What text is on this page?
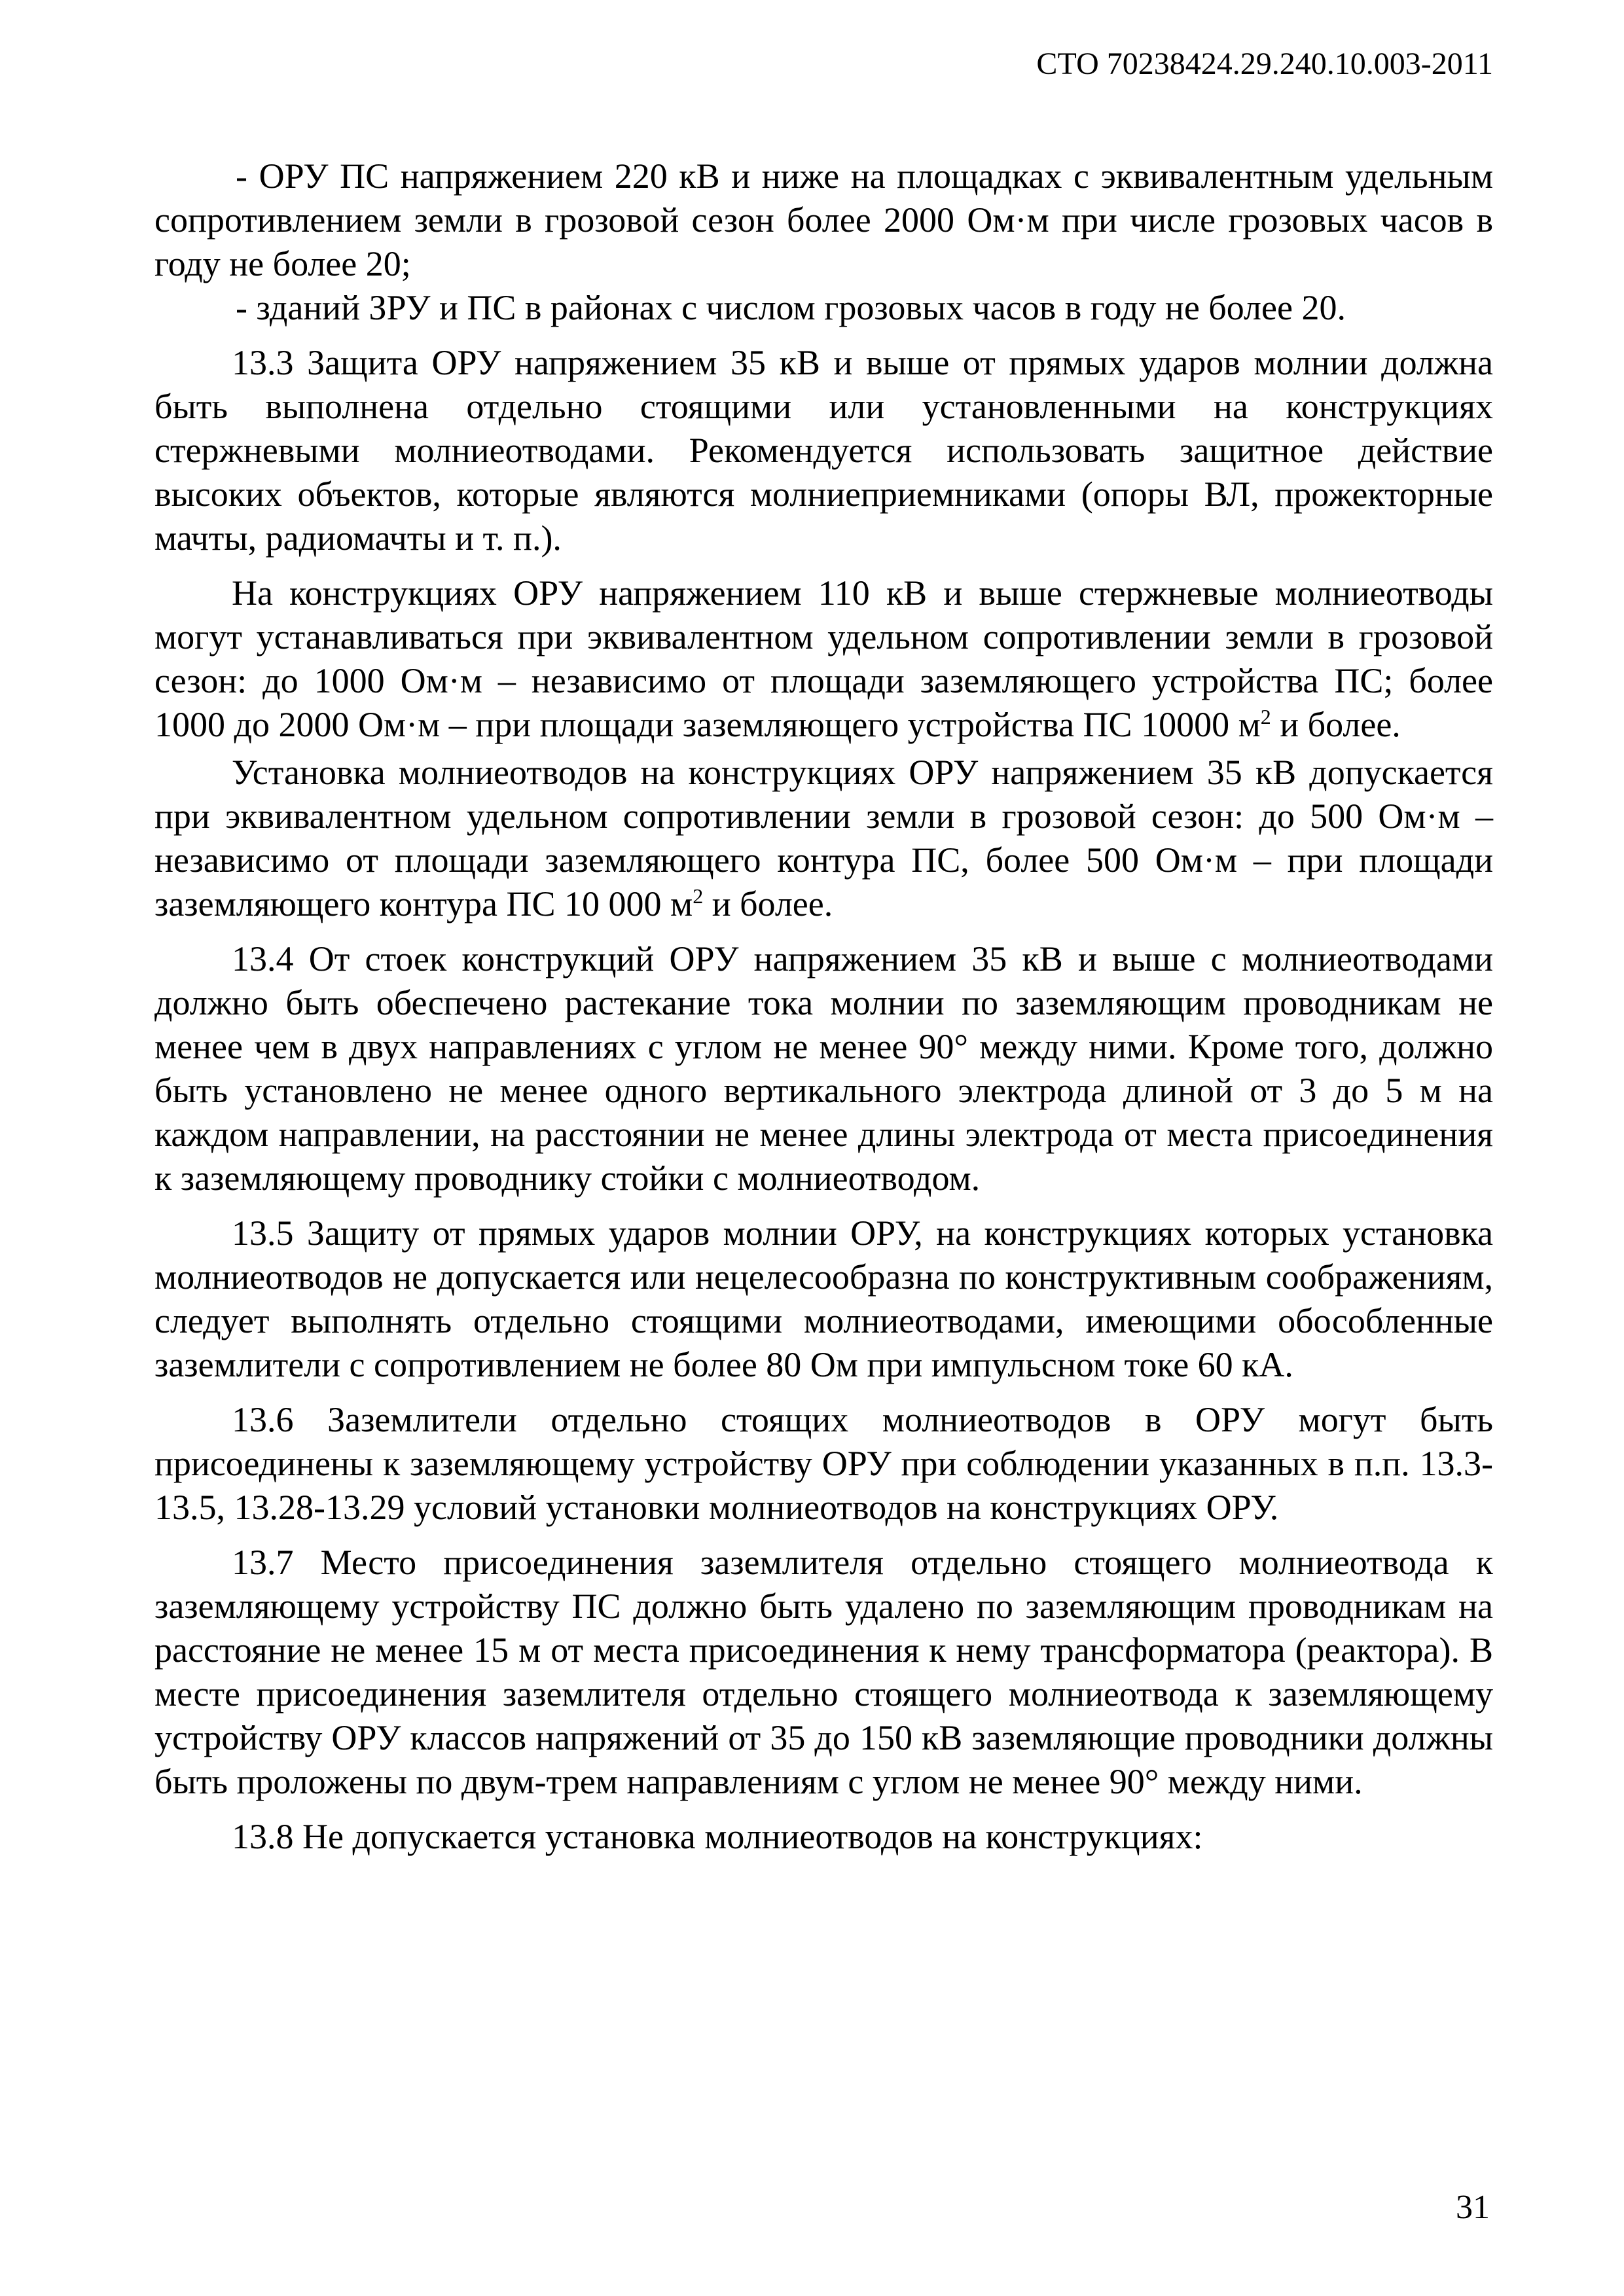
СТО 70238424.29.240.10.003-2011

- ОРУ ПС напряжением 220 кВ и ниже на площадках с эквивалентным удельным сопротивлением земли в грозовой сезон более 2000 Ом·м при числе грозовых часов в году не более 20;

- зданий ЗРУ и ПС в районах с числом грозовых часов в году не более 20.

13.3 Защита ОРУ напряжением 35 кВ и выше от прямых ударов молнии должна быть выполнена отдельно стоящими или установленными на конструкциях стержневыми молниеотводами. Рекомендуется использовать защитное действие высоких объектов, которые являются молниеприемниками (опоры ВЛ, прожекторные мачты, радиомачты и т. п.).

На конструкциях ОРУ напряжением 110 кВ и выше стержневые молниеотводы могут устанавливаться при эквивалентном удельном сопротивлении земли в грозовой сезон: до 1000 Ом·м – независимо от площади заземляющего устройства ПС; более 1000 до 2000 Ом·м – при площади заземляющего устройства ПС 10000 $м^2$ и более.

Установка молниеотводов на конструкциях ОРУ напряжением 35 кВ допускается при эквивалентном удельном сопротивлении земли в грозовой сезон: до 500 Ом·м – независимо от площади заземляющего контура ПС, более 500 Ом·м – при площади заземляющего контура ПС 10 000 $м^2$ и более.

13.4 От стоек конструкций ОРУ напряжением 35 кВ и выше с молниеотводами должно быть обеспечено растекание тока молнии по заземляющим проводникам не менее чем в двух направлениях с углом не менее 90° между ними. Кроме того, должно быть установлено не менее одного вертикального электрода длиной от 3 до 5 м на каждом направлении, на расстоянии не менее длины электрода от места присоединения к заземляющему проводнику стойки с молниеотводом.

13.5 Защиту от прямых ударов молнии ОРУ, на конструкциях которых установка молниеотводов не допускается или нецелесообразна по конструктивным соображениям, следует выполнять отдельно стоящими молниеотводами, имеющими обособленные заземлители с сопротивлением не более 80 Ом при импульсном токе 60 кА.

13.6 Заземлители отдельно стоящих молниеотводов в ОРУ могут быть присоединены к заземляющему устройству ОРУ при соблюдении указанных в п.п. 13.3-13.5, 13.28-13.29 условий установки молниеотводов на конструкциях ОРУ.

13.7 Место присоединения заземлителя отдельно стоящего молниеотвода к заземляющему устройству ПС должно быть удалено по заземляющим проводникам на расстояние не менее 15 м от места присоединения к нему трансформатора (реактора). В месте присоединения заземлителя отдельно стоящего молниеотвода к заземляющему устройству ОРУ классов напряжений от 35 до 150 кВ заземляющие проводники должны быть проложены по двум-трем направлениям с углом не менее 90° между ними.

13.8 Не допускается установка молниеотводов на конструкциях:

31
